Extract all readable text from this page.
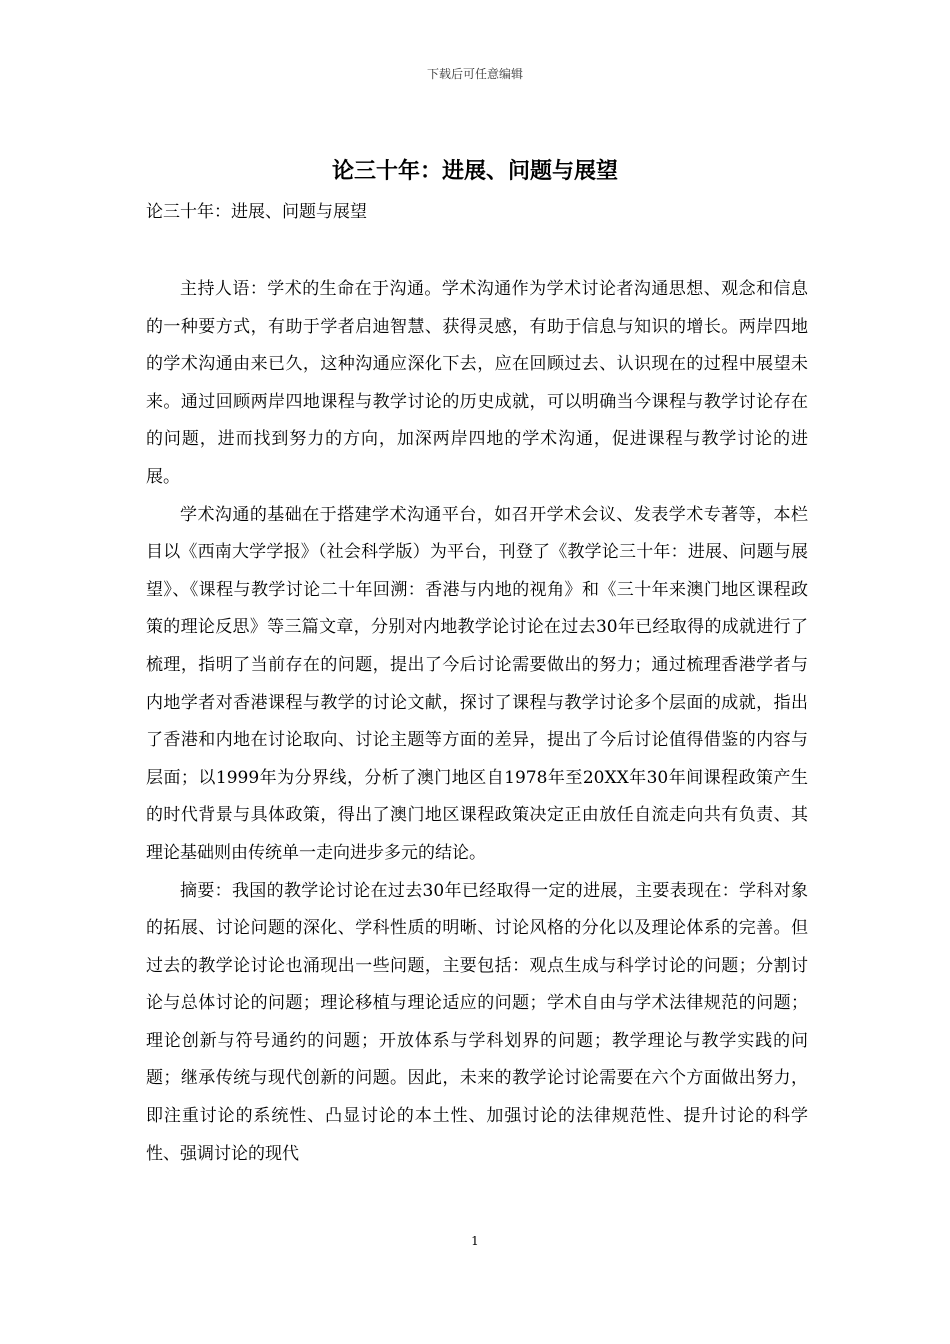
下载后可任意编辑
论三十年：进展、问题与展望
论三十年：进展、问题与展望

主持人语：学术的生命在于沟通。学术沟通作为学术讨论者沟通思想、观念和信息的一种要方式，有助于学者启迪智慧、获得灵感，有助于信息与知识的增长。两岸四地的学术沟通由来已久，这种沟通应深化下去，应在回顾过去、认识现在的过程中展望未来。通过回顾两岸四地课程与教学讨论的历史成就，可以明确当今课程与教学讨论存在的问题，进而找到努力的方向，加深两岸四地的学术沟通，促进课程与教学讨论的进展。

学术沟通的基础在于搭建学术沟通平台，如召开学术会议、发表学术专著等，本栏目以《西南大学学报》（社会科学版）为平台，刊登了《教学论三十年：进展、问题与展望》、《课程与教学讨论二十年回溯：香港与内地的视角》和《三十年来澳门地区课程政策的理论反思》等三篇文章，分别对内地教学论讨论在过去30年已经取得的成就进行了梳理，指明了当前存在的问题，提出了今后讨论需要做出的努力；通过梳理香港学者与内地学者对香港课程与教学的讨论文献，探讨了课程与教学讨论多个层面的成就，指出了香港和内地在讨论取向、讨论主题等方面的差异，提出了今后讨论值得借鉴的内容与层面；以1999年为分界线，分析了澳门地区自1978年至20XX年30年间课程政策产生的时代背景与具体政策，得出了澳门地区课程政策决定正由放任自流走向共有负责、其理论基础则由传统单一走向进步多元的结论。

摘要：我国的教学论讨论在过去30年已经取得一定的进展，主要表现在：学科对象的拓展、讨论问题的深化、学科性质的明晰、讨论风格的分化以及理论体系的完善。但过去的教学论讨论也涌现出一些问题，主要包括：观点生成与科学讨论的问题；分割讨论与总体讨论的问题；理论移植与理论适应的问题；学术自由与学术法律规范的问题；理论创新与符号通约的问题；开放体系与学科划界的问题；教学理论与教学实践的问题；继承传统与现代创新的问题。因此，未来的教学论讨论需要在六个方面做出努力，即注重讨论的系统性、凸显讨论的本土性、加强讨论的法律规范性、提升讨论的科学性、强调讨论的现代

1
